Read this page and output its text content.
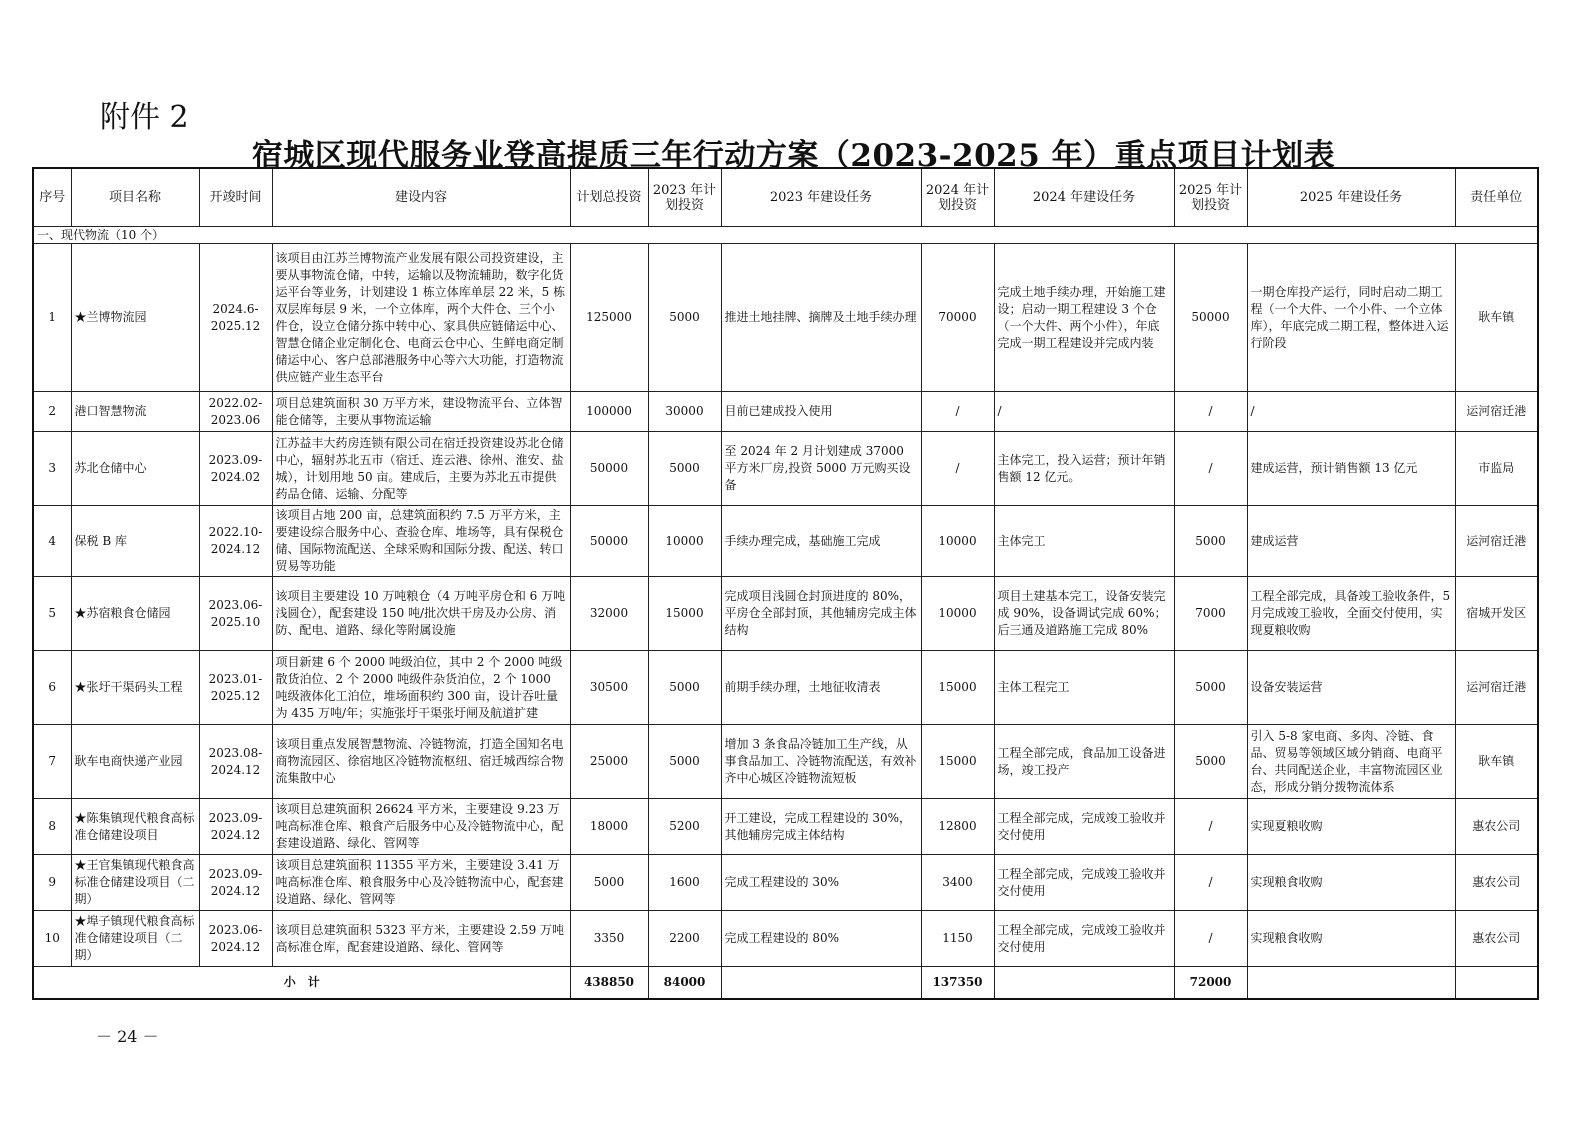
附件 2
宿城区现代服务业登高提质三年行动方案（2023-2025 年）重点项目计划表
序号	项目名称	开竣时间	建设内容	计划总投资	2023 年计划投资	2023 年建设任务	2024 年计划投资	2024 年建设任务	2025 年计划投资	2025 年建设任务	责任单位
一、现代物流（10 个）											
1	★兰博物流园	2024.6-2025.12	该项目由江苏兰博物流产业发展有限公司投资建设，主要从事物流仓储，中转，运输以及物流辅助，数字化货运平台等业务，计划建设 1 栋立体库单层 22 米，5 栋双层库每层 9 米，一个立体库，两个大件仓、三个小件仓，设立仓储分拣中转中心、家具供应链储运中心、智慧仓储企业定制化仓、电商云仓中心、生鲜电商定制储运中心、客户总部港服务中心等六大功能，打造物流供应链产业生态平台	125000	5000	推进土地挂牌、摘牌及土地手续办理	70000	完成土地手续办理，开始施工建设；启动一期工程建设 3 个仓（一个大件、两个小件），年底完成一期工程建设并完成内装	50000	一期仓库投产运行，同时启动二期工程（一个大件、一个小件、一个立体库），年底完成二期工程，整体进入运行阶段	耿车镇
2	港口智慧物流	2022.02-2023.06	项目总建筑面积 30 万平方米，建设物流平台、立体智能仓储等，主要从事物流运输	100000	30000	目前已建成投入使用	/	/	/	/	运河宿迁港
3	苏北仓储中心	2023.09-2024.02	江苏益丰大药房连锁有限公司在宿迁投资建设苏北仓储中心，辐射苏北五市（宿迁、连云港、徐州、淮安、盐城），计划用地 50 亩。建成后，主要为苏北五市提供药品仓储、运输、分配等	50000	5000	至 2024 年 2 月计划建成 37000 平方米厂房,投资 5000 万元购买设备	/	主体完工，投入运营；预计年销售额 12 亿元。	/	建成运营，预计销售额 13 亿元	市监局
4	保税 B 库	2022.10-2024.12	该项目占地 200 亩，总建筑面积约 7.5 万平方米，主要建设综合服务中心、查验仓库、堆场等，具有保税仓储、国际物流配送、全球采购和国际分拨、配送、转口贸易等功能	50000	10000	手续办理完成，基础施工完成	10000	主体完工	5000	建成运营	运河宿迁港
5	★苏宿粮食仓储园	2023.06-2025.10	该项目主要建设 10 万吨粮仓（4 万吨平房仓和 6 万吨浅圆仓），配套建设 150 吨/批次烘干房及办公房、消防、配电、道路、绿化等附属设施	32000	15000	完成项目浅圆仓封顶进度的 80%，平房仓全部封顶，其他辅房完成主体结构	10000	项目土建基本完工，设备安装完成 90%，设备调试完成 60%；后三通及道路施工完成 80%	7000	工程全部完成，具备竣工验收条件，5 月完成竣工验收，全面交付使用，实现夏粮收购	宿城开发区
6	★张圩干渠码头工程	2023.01-2025.12	项目新建 6 个 2000 吨级泊位，其中 2 个 2000 吨级散货泊位、2 个 2000 吨级件杂货泊位，2 个 1000 吨级液体化工泊位，堆场面积约 300 亩，设计吞吐量为 435 万吨/年；实施张圩干渠张圩闸及航道扩建	30500	5000	前期手续办理，土地征收清表	15000	主体工程完工	5000	设备安装运营	运河宿迁港
7	耿车电商快递产业园	2023.08-2024.12	该项目重点发展智慧物流、冷链物流，打造全国知名电商物流园区、徐宿地区冷链物流枢纽、宿迁城西综合物流集散中心	25000	5000	增加 3 条食品冷链加工生产线，从事食品加工、冷链物流配送，有效补齐中心城区冷链物流短板	15000	工程全部完成，食品加工设备进场，竣工投产	5000	引入 5-8 家电商、多肉、冷链、食品、贸易等领域区域分销商、电商平台、共同配送企业，丰富物流园区业态，形成分销分拨物流体系	耿车镇
8	★陈集镇现代粮食高标准仓储建设项目	2023.09-2024.12	该项目总建筑面积 26624 平方米，主要建设 9.23 万吨高标准仓库、粮食产后服务中心及冷链物流中心，配套建设道路、绿化、管网等	18000	5200	开工建设，完成工程建设的 30%，其他辅房完成主体结构	12800	工程全部完成，完成竣工验收并交付使用	/	实现夏粮收购	惠农公司
9	★王官集镇现代粮食高标准仓储建设项目（二期）	2023.09-2024.12	该项目总建筑面积 11355 平方米，主要建设 3.41 万吨高标准仓库、粮食服务中心及冷链物流中心，配套建设道路、绿化、管网等	5000	1600	完成工程建设的 30%	3400	工程全部完成，完成竣工验收并交付使用	/	实现粮食收购	惠农公司
10	★埠子镇现代粮食高标准仓储建设项目（二期）	2023.06-2024.12	该项目总建筑面积 5323 平方米，主要建设 2.59 万吨高标准仓库，配套建设道路、绿化、管网等	3350	2200	完成工程建设的 80%	1150	工程全部完成，完成竣工验收并交付使用	/	实现粮食收购	惠农公司
小　计				438850	84000		137350		72000		
－ 24 －
